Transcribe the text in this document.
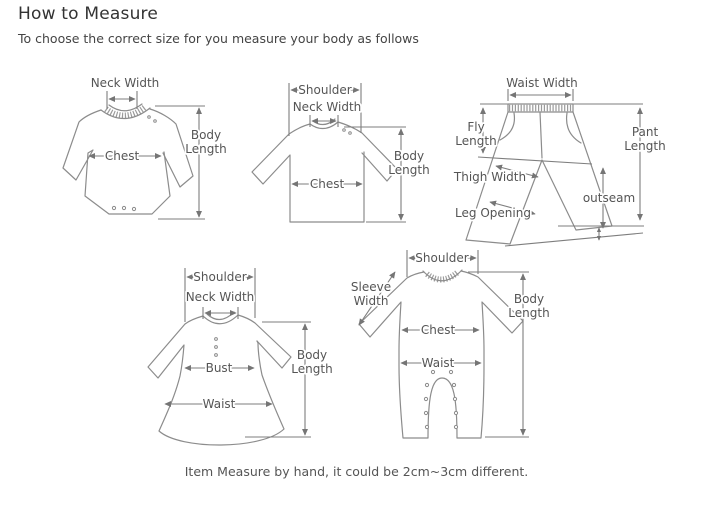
How to Measure

To choose the correct size for you measure your body as follows

Neck Width
Chest
Body Length
Shoulder
Neck Width
Chest
Body Length
Waist Width
Fly Length
Pant Length
Thigh Width
outseam
Leg Opening
Shoulder
Neck Width
Bust
Waist
Body Length
Shoulder
Sleeve Width
Chest
Waist
Body Length
Item Measure by hand, it could be 2cm~3cm different.
